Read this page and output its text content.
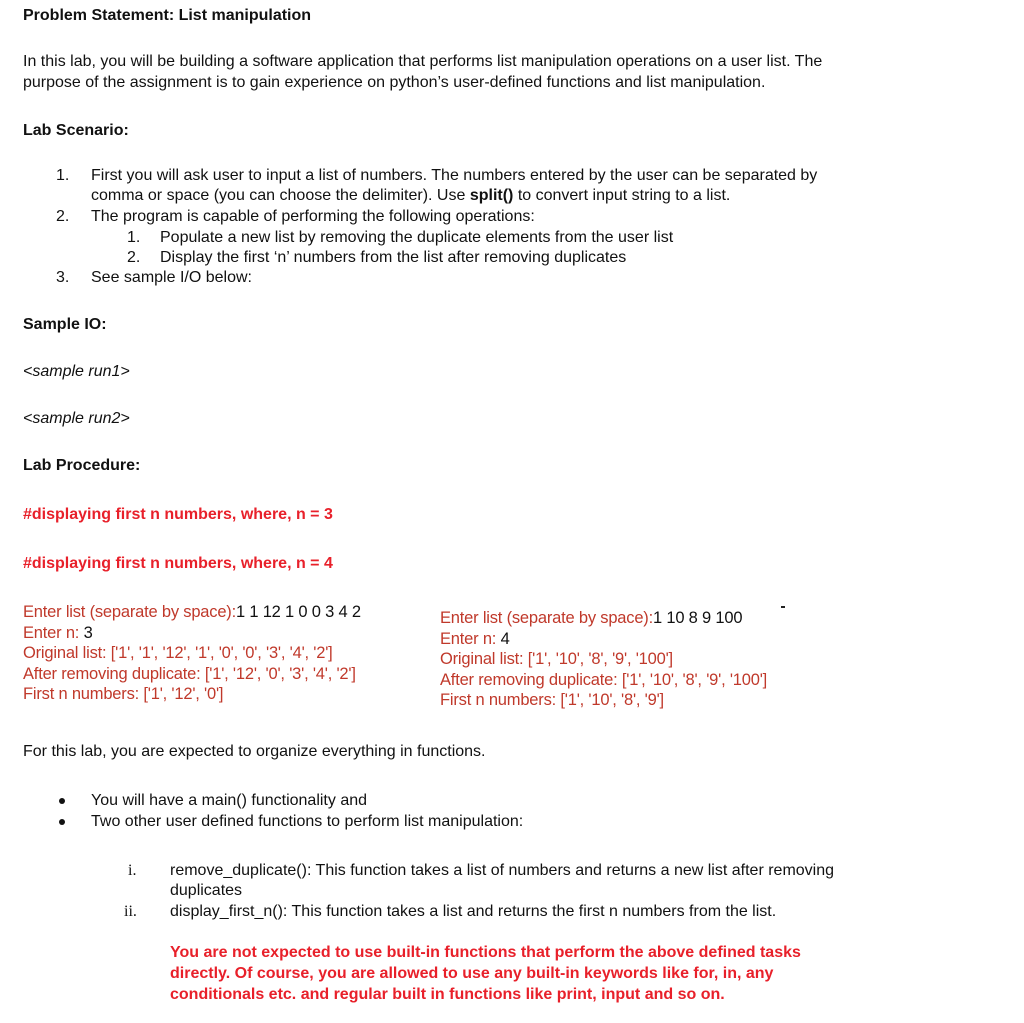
Problem Statement: List manipulation
In this lab, you will be building a software application that performs list manipulation operations on a user list. The
purpose of the assignment is to gain experience on python’s user-defined functions and list manipulation.
Lab Scenario:
1. First you will ask user to input a list of numbers. The numbers entered by the user can be separated by
comma or space (you can choose the delimiter). Use split() to convert input string to a list.
2. The program is capable of performing the following operations:
1. Populate a new list by removing the duplicate elements from the user list
2. Display the first ‘n’ numbers from the list after removing duplicates
3. See sample I/O below:
Sample IO:
<sample run1>
<sample run2>
Lab Procedure:
#displaying first n numbers, where, n = 3
#displaying first n numbers, where, n = 4
Enter list (separate by space):1 1 12 1 0 0 3 4 2
Enter n: 3
Original list: ['1', '1', '12', '1', '0', '0', '3', '4', '2']
After removing duplicate: ['1', '12', '0', '3', '4', '2']
First n numbers: ['1', '12', '0']
Enter list (separate by space):1 10 8 9 100
Enter n: 4
Original list: ['1', '10', '8', '9', '100']
After removing duplicate: ['1', '10', '8', '9', '100']
First n numbers: ['1', '10', '8', '9']
For this lab, you are expected to organize everything in functions.
You will have a main() functionality and
Two other user defined functions to perform list manipulation:
i. remove_duplicate(): This function takes a list of numbers and returns a new list after removing
duplicates
ii. display_first_n(): This function takes a list and returns the first n numbers from the list.
You are not expected to use built-in functions that perform the above defined tasks
directly. Of course, you are allowed to use any built-in keywords like for, in, any
conditionals etc. and regular built in functions like print, input and so on.
